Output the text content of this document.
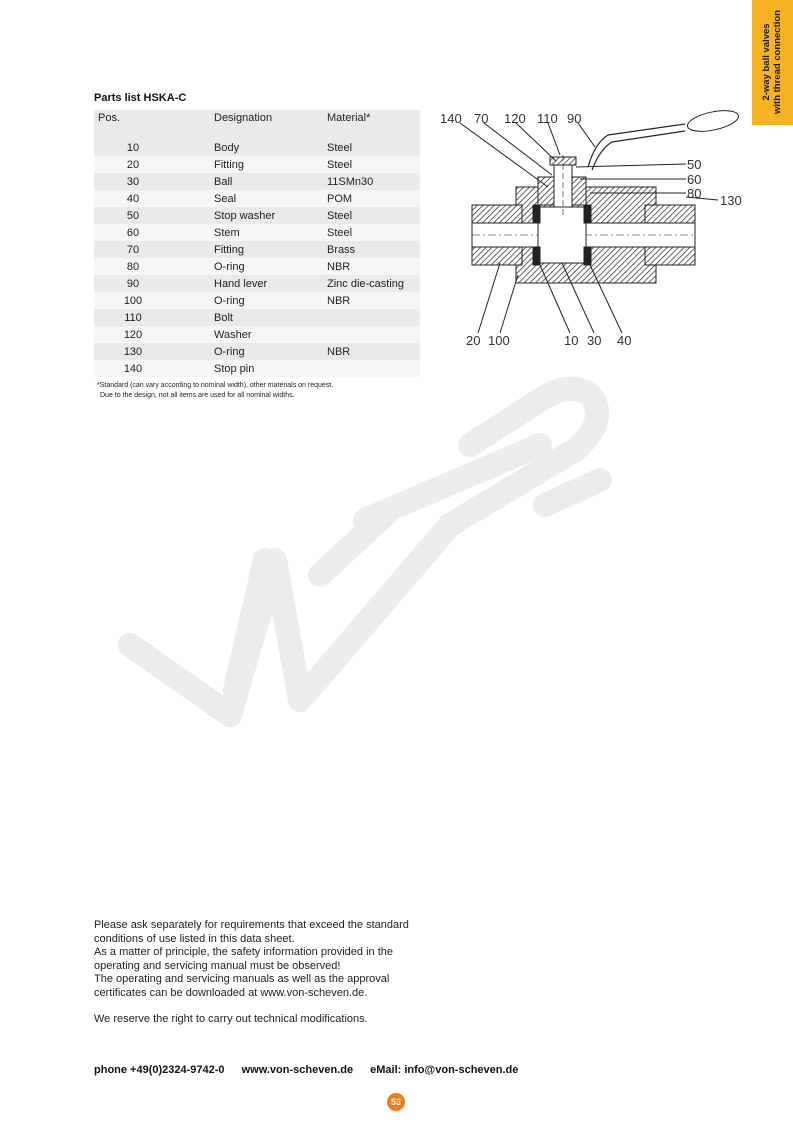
2-way ball valves with thread connection
Parts list HSKA-C
Pos.	Designation	Material*
10	Body	Steel
20	Fitting	Steel
30	Ball	11SMn30
40	Seal	POM
50	Stop washer	Steel
60	Stem	Steel
70	Fitting	Brass
80	O-ring	NBR
90	Hand lever	Zinc die-casting
100	O-ring	NBR
110	Bolt	
120	Washer	
130	O-ring	NBR
140	Stop pin	
*Standard (can vary according to nominal width), other materials on request.
Due to the design, not all items are used for all nominal widths.
140 70 120 110 90
50
60
80 130
20 100	10 30 40
Please ask separately for requirements that exceed the standard
conditions of use listed in this data sheet.
As a matter of principle, the safety information provided in the
operating and servicing manual must be observed!
The operating and servicing manuals as well as the approval
certificates can be downloaded at www.von-scheven.de.
We reserve the right to carry out technical modifications.
phone +49(0)2324-9742-0 www.von-scheven.de eMail: info@von-scheven.de
53
